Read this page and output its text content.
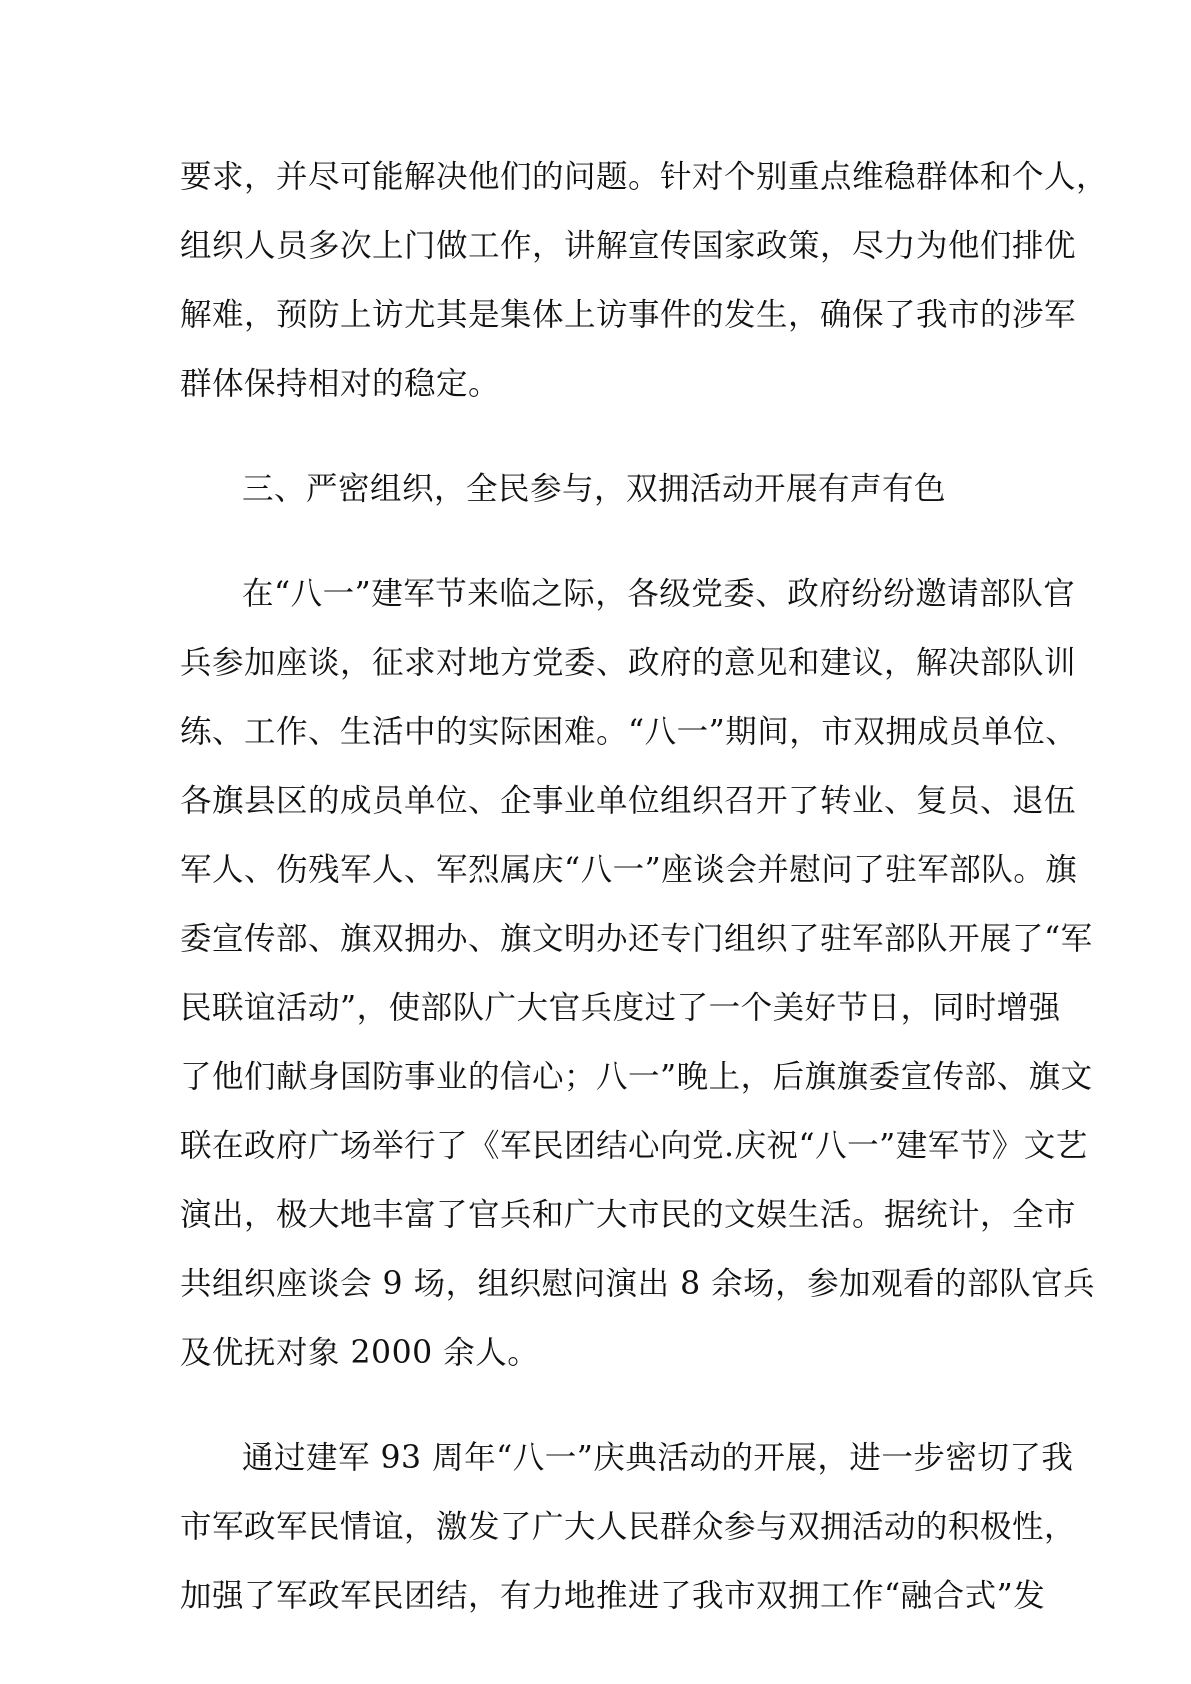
要求，并尽可能解决他们的问题。针对个别重点维稳群体和个人，
组织人员多次上门做工作，讲解宣传国家政策，尽力为他们排优
解难，预防上访尤其是集体上访事件的发生，确保了我市的涉军
群体保持相对的稳定。
三、严密组织，全民参与，双拥活动开展有声有色
在“八一”建军节来临之际，各级党委、政府纷纷邀请部队官
兵参加座谈，征求对地方党委、政府的意见和建议，解决部队训
练、工作、生活中的实际困难。“八一”期间，市双拥成员单位、
各旗县区的成员单位、企事业单位组织召开了转业、复员、退伍
军人、伤残军人、军烈属庆“八一”座谈会并慰问了驻军部队。旗
委宣传部、旗双拥办、旗文明办还专门组织了驻军部队开展了“军
民联谊活动”，使部队广大官兵度过了一个美好节日，同时增强
了他们献身国防事业的信心；八一”晚上，后旗旗委宣传部、旗文
联在政府广场举行了《军民团结心向党.庆祝“八一”建军节》文艺
演出，极大地丰富了官兵和广大市民的文娱生活。据统计，全市
共组织座谈会 9 场，组织慰问演出 8 余场，参加观看的部队官兵
及优抚对象 2000 余人。
通过建军 93 周年“八一”庆典活动的开展，进一步密切了我
市军政军民情谊，激发了广大人民群众参与双拥活动的积极性，
加强了军政军民团结，有力地推进了我市双拥工作“融合式”发
